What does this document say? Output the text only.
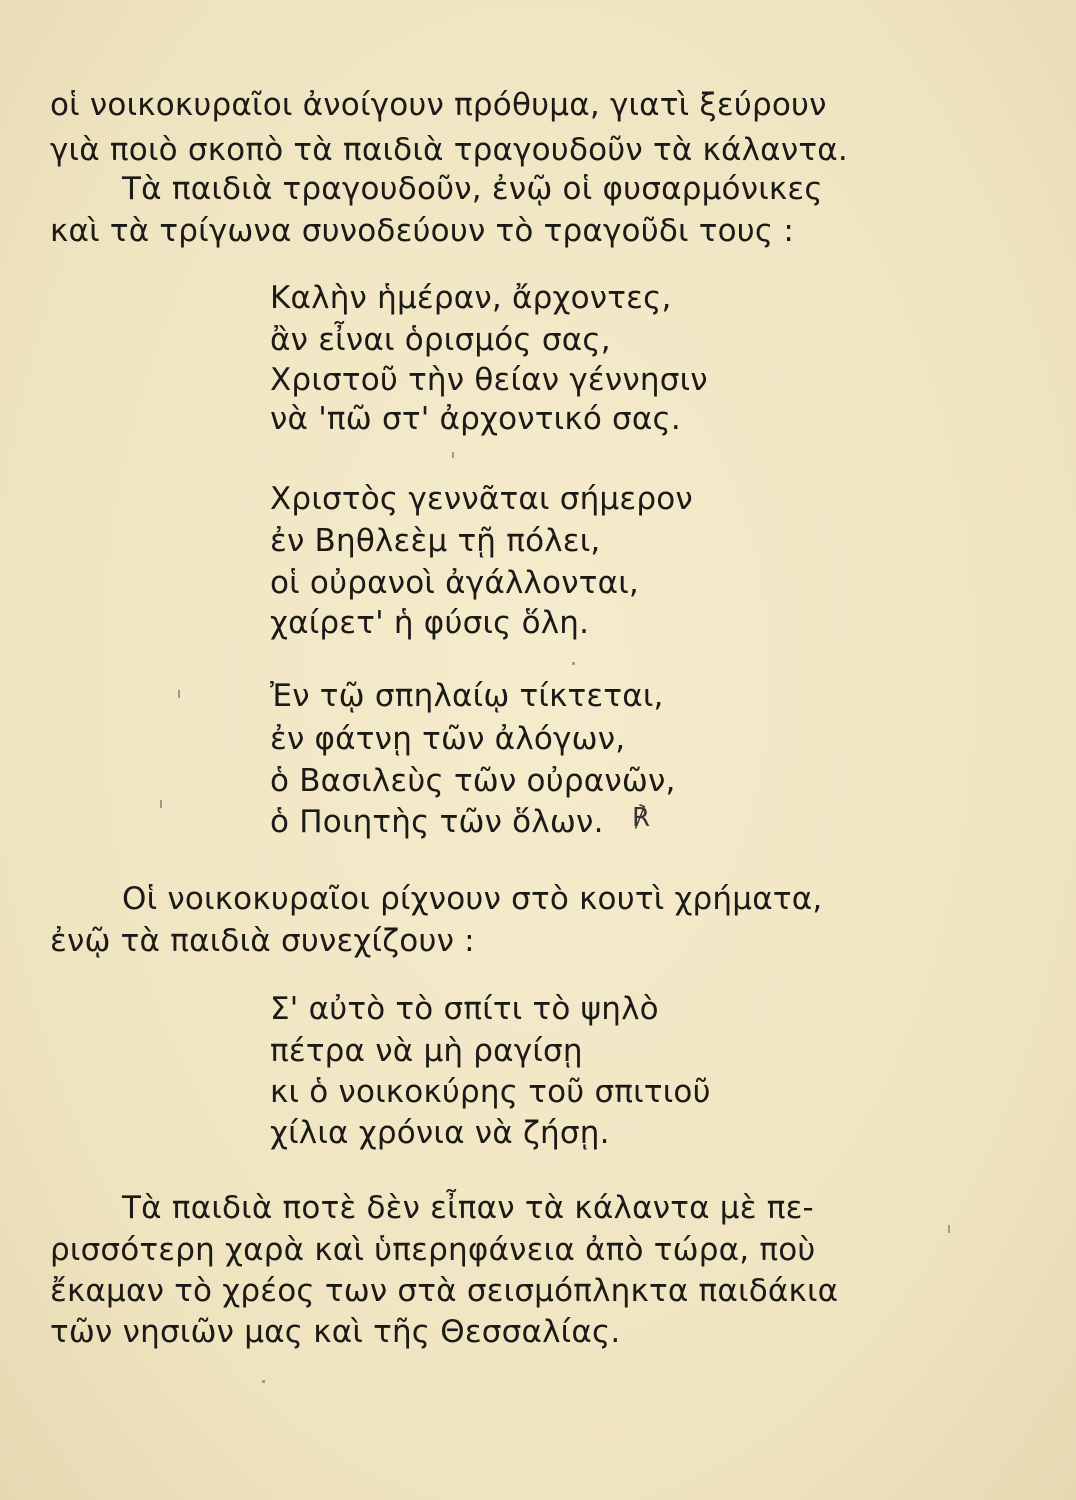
οἱ νοικοκυραῖοι ἀνοίγουν πρόθυμα, γιατὶ ξεύρουν
γιὰ ποιὸ σκοπὸ τὰ παιδιὰ τραγουδοῦν τὰ κάλαντα.
Τὰ παιδιὰ τραγουδοῦν, ἐνῷ οἱ φυσαρμόνικες
καὶ τὰ τρίγωνα συνοδεύουν τὸ τραγοῦδι τους :
Καλὴν ἡμέραν, ἄρχοντες,
ἂν εἶναι ὁρισμός σας,
Χριστοῦ τὴν θείαν γέννησιν
νὰ 'πῶ στ' ἀρχοντικό σας.
Χριστὸς γεννᾶται σήμερον
ἐν Βηθλεὲμ τῇ πόλει,
οἱ οὐρανοὶ ἀγάλλονται,
χαίρετ' ἡ φύσις ὅλη.
Ἐν τῷ σπηλαίῳ τίκτεται,
ἐν φάτνῃ τῶν ἀλόγων,
ὁ Βασιλεὺς τῶν οὐρανῶν,
ὁ Ποιητὴς τῶν ὅλων. ℟
Οἱ νοικοκυραῖοι ρίχνουν στὸ κουτὶ χρήματα,
ἐνῷ τὰ παιδιὰ συνεχίζουν :
Σ' αὐτὸ τὸ σπίτι τὸ ψηλὸ
πέτρα νὰ μὴ ραγίσῃ
κι ὁ νοικοκύρης τοῦ σπιτιοῦ
χίλια χρόνια νὰ ζήσῃ.
Τὰ παιδιὰ ποτὲ δὲν εἶπαν τὰ κάλαντα μὲ πε-
ρισσότερη χαρὰ καὶ ὑπερηφάνεια ἀπὸ τώρα, ποὺ
ἔκαμαν τὸ χρέος των στὰ σεισμόπληκτα παιδάκια
τῶν νησιῶν μας καὶ τῆς Θεσσαλίας.
